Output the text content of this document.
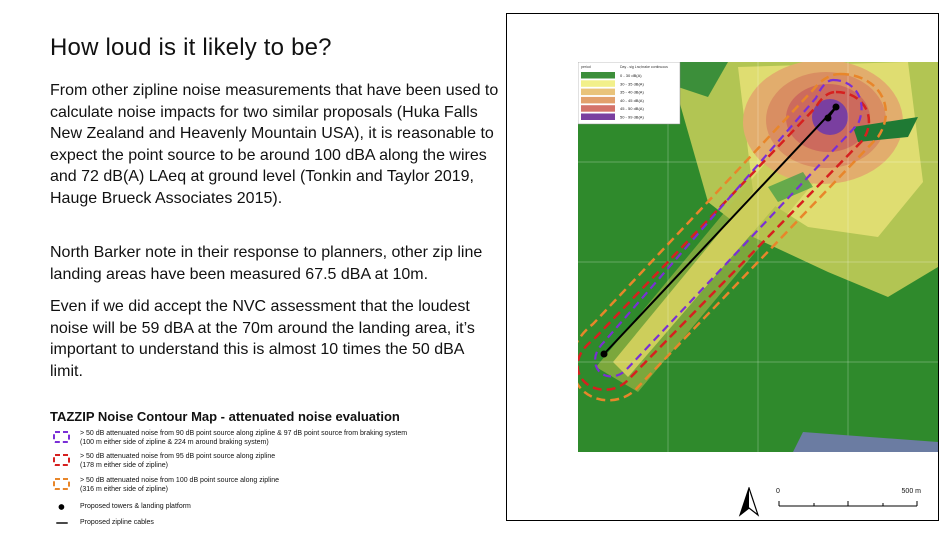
How loud is it likely to be?

From other zipline noise measurements that have been used to calculate noise impacts for two similar proposals (Huka Falls New Zealand and Heavenly Mountain USA), it is reasonable to expect the point source to be around 100 dBA along the wires and 72 dB(A) LAeq at ground level (Tonkin and Taylor 2019, Hauge Brueck Associates 2015).

North Barker note in their response to planners, other zip line landing areas have been measured 67.5 dBA at 10m.

Even if we did accept the NVC assessment that the loudest noise will be 59 dBA at the 70m around the landing area, it’s important to understand this is almost 10 times the 50 dBA limit.

TAZZIP Noise Contour Map - attenuated noise evaluation
> 50 dB attenuated noise from 90 dB point source along zipline & 97 dB point source from braking system
(100 m either side of zipline & 224 m around braking system)
> 50 dB attenuated noise from 95 dB point source along zipline
(178 m either side of zipline)
> 50 dB attenuated noise from 100 dB point source along zipline
(316 m either side of zipline)
Proposed towers & landing platform
Proposed zipline cables
period	Day - sig Lrw,brake continuous
0 - 30 dB(A)
30 - 35 dB(A)
35 - 40 dB(A)
40 - 45 dB(A)
45 - 50 dB(A)
50 - 99 dB(A)
0	500 m
